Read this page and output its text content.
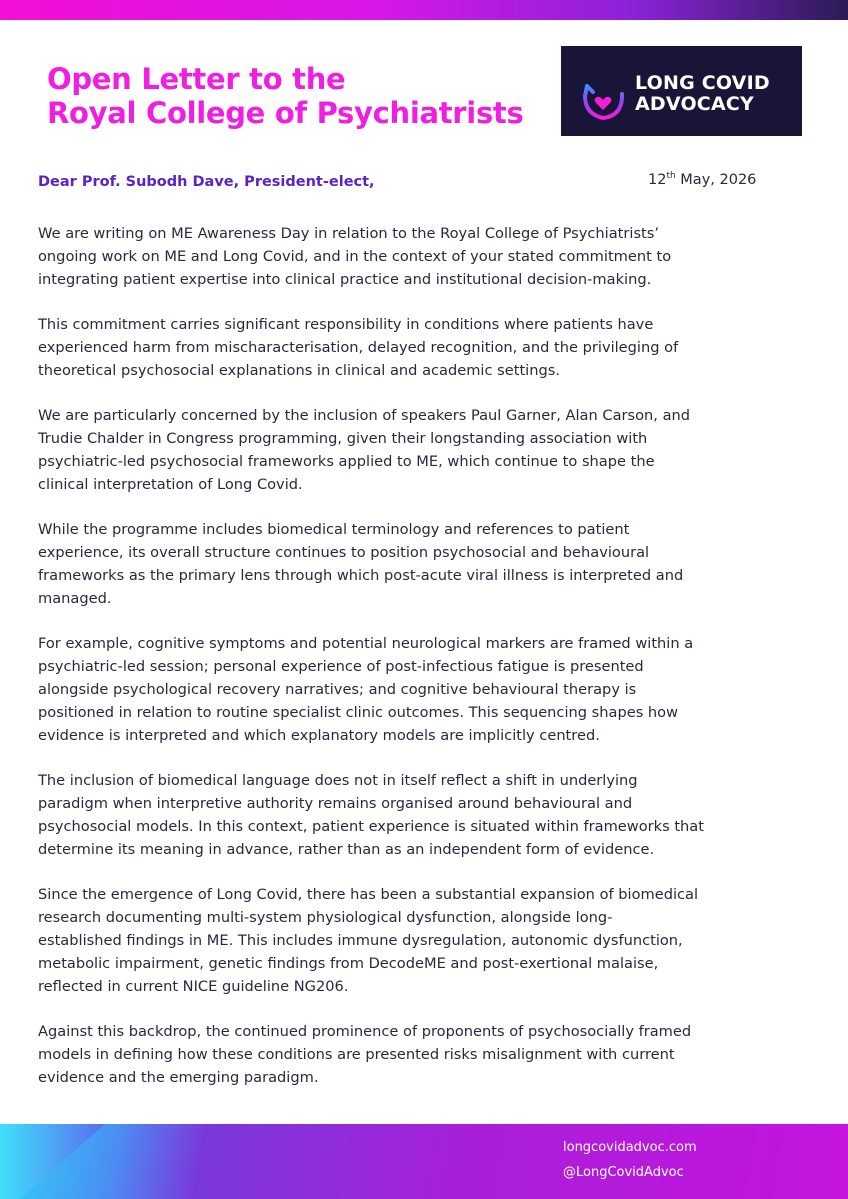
Open Letter to the
Royal College of Psychiatrists
LONG COVID
ADVOCACY
Dear Prof. Subodh Dave, President-elect,	12th May, 2026

We are writing on ME Awareness Day in relation to the Royal College of Psychiatrists’
ongoing work on ME and Long Covid, and in the context of your stated commitment to
integrating patient expertise into clinical practice and institutional decision-making.

This commitment carries significant responsibility in conditions where patients have
experienced harm from mischaracterisation, delayed recognition, and the privileging of
theoretical psychosocial explanations in clinical and academic settings.

We are particularly concerned by the inclusion of speakers Paul Garner, Alan Carson, and
Trudie Chalder in Congress programming, given their longstanding association with
psychiatric-led psychosocial frameworks applied to ME, which continue to shape the
clinical interpretation of Long Covid.

While the programme includes biomedical terminology and references to patient
experience, its overall structure continues to position psychosocial and behavioural
frameworks as the primary lens through which post-acute viral illness is interpreted and
managed.

For example, cognitive symptoms and potential neurological markers are framed within a
psychiatric-led session; personal experience of post-infectious fatigue is presented
alongside psychological recovery narratives; and cognitive behavioural therapy is
positioned in relation to routine specialist clinic outcomes. This sequencing shapes how
evidence is interpreted and which explanatory models are implicitly centred.

The inclusion of biomedical language does not in itself reflect a shift in underlying
paradigm when interpretive authority remains organised around behavioural and
psychosocial models. In this context, patient experience is situated within frameworks that
determine its meaning in advance, rather than as an independent form of evidence.

Since the emergence of Long Covid, there has been a substantial expansion of biomedical
research documenting multi-system physiological dysfunction, alongside long-
established findings in ME. This includes immune dysregulation, autonomic dysfunction,
metabolic impairment, genetic findings from DecodeME and post-exertional malaise,
reflected in current NICE guideline NG206.

Against this backdrop, the continued prominence of proponents of psychosocially framed
models in defining how these conditions are presented risks misalignment with current
evidence and the emerging paradigm.

longcovidadvoc.com
@LongCovidAdvoc
